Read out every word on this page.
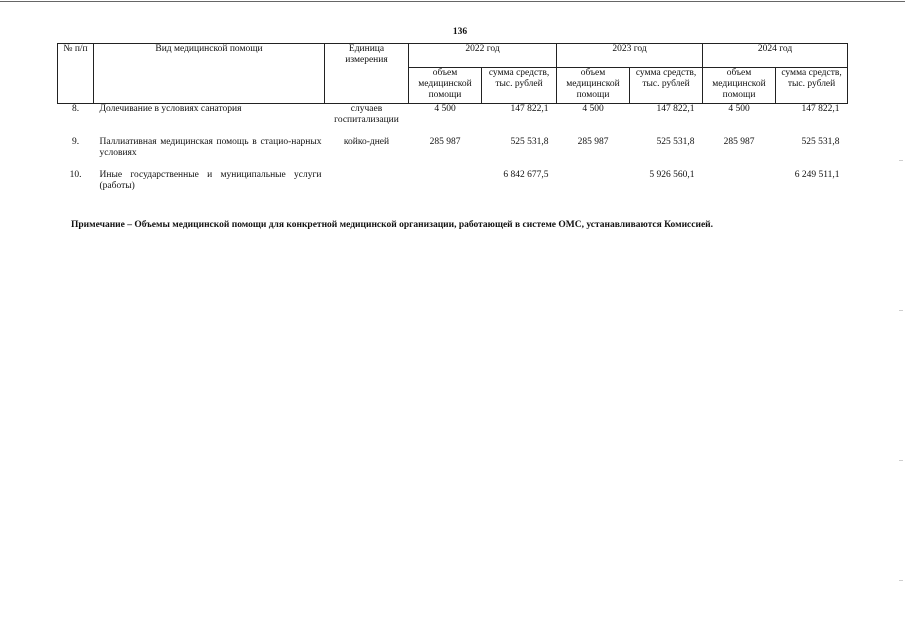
136
№ п/п	Вид медицинской помощи	Единица измерения	2022 год		2023 год		2024 год	
			объем медицинской помощи	сумма средств, тыс. рублей	объем медицинской помощи	сумма средств, тыс. рублей	объем медицинской помощи	сумма средств, тыс. рублей
8.	Долечивание в условиях санатория	случаев госпитализации	4 500	147 822,1	4 500	147 822,1	4 500	147 822,1
9.	Паллиативная медицинская помощь в стацио-нарных условиях	койко-дней	285 987	525 531,8	285 987	525 531,8	285 987	525 531,8
10.	Иные государственные и муниципальные услуги (работы)			6 842 677,5		5 926 560,1		6 249 511,1
Примечание – Объемы медицинской помощи для конкретной медицинской организации, работающей в системе ОМС, устанавливаются Комиссией.
